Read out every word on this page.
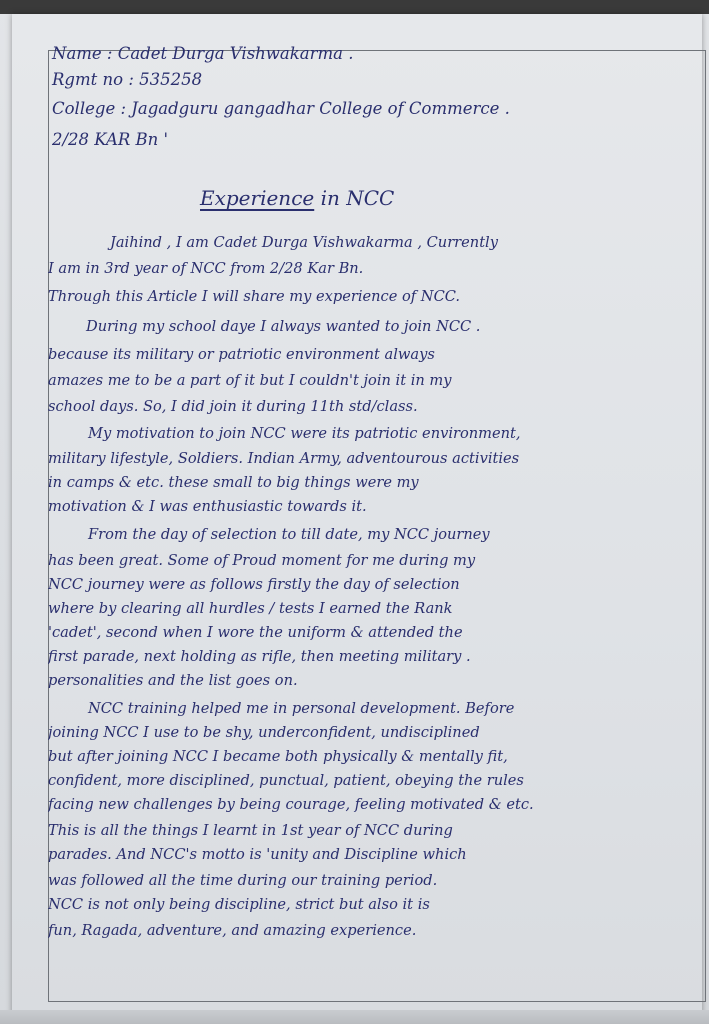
Name : Cadet Durga Vishwakarma .
Rgmt no : 535258
College : Jagadguru gangadhar College of Commerce .
2/28 KAR Bn '
Experience in NCC
Jaihind , I am Cadet Durga Vishwakarma , Currently
I am in 3rd year of NCC from 2/28 Kar Bn.
Through this Article I will share my experience of NCC.
During my school daye I always wanted to join NCC .
because its military or patriotic environment always
amazes me to be a part of it but I couldn't join it in my
school days. So, I did join it during 11th std/class.
My motivation to join NCC were its patriotic environment,
military lifestyle, Soldiers. Indian Army, adventourous activities
in camps & etc. these small to big things were my
motivation & I was enthusiastic towards it.
From the day of selection to till date, my NCC journey
has been great. Some of Proud moment for me during my
NCC journey were as follows firstly the day of selection
where by clearing all hurdles / tests I earned the Rank
'cadet', second when I wore the uniform & attended the
first parade, next holding as rifle, then meeting military .
personalities and the list goes on.
NCC training helped me in personal development. Before
joining NCC I use to be shy, underconfident, undisciplined
but after joining NCC I became both physically & mentally fit,
confident, more disciplined, punctual, patient, obeying the rules
facing new challenges by being courage, feeling motivated & etc.
This is all the things I learnt in 1st year of NCC during
parades. And NCC's motto is 'unity and Discipline which
was followed all the time during our training period.
NCC is not only being discipline, strict but also it is
fun, Ragada, adventure, and amazing experience.
